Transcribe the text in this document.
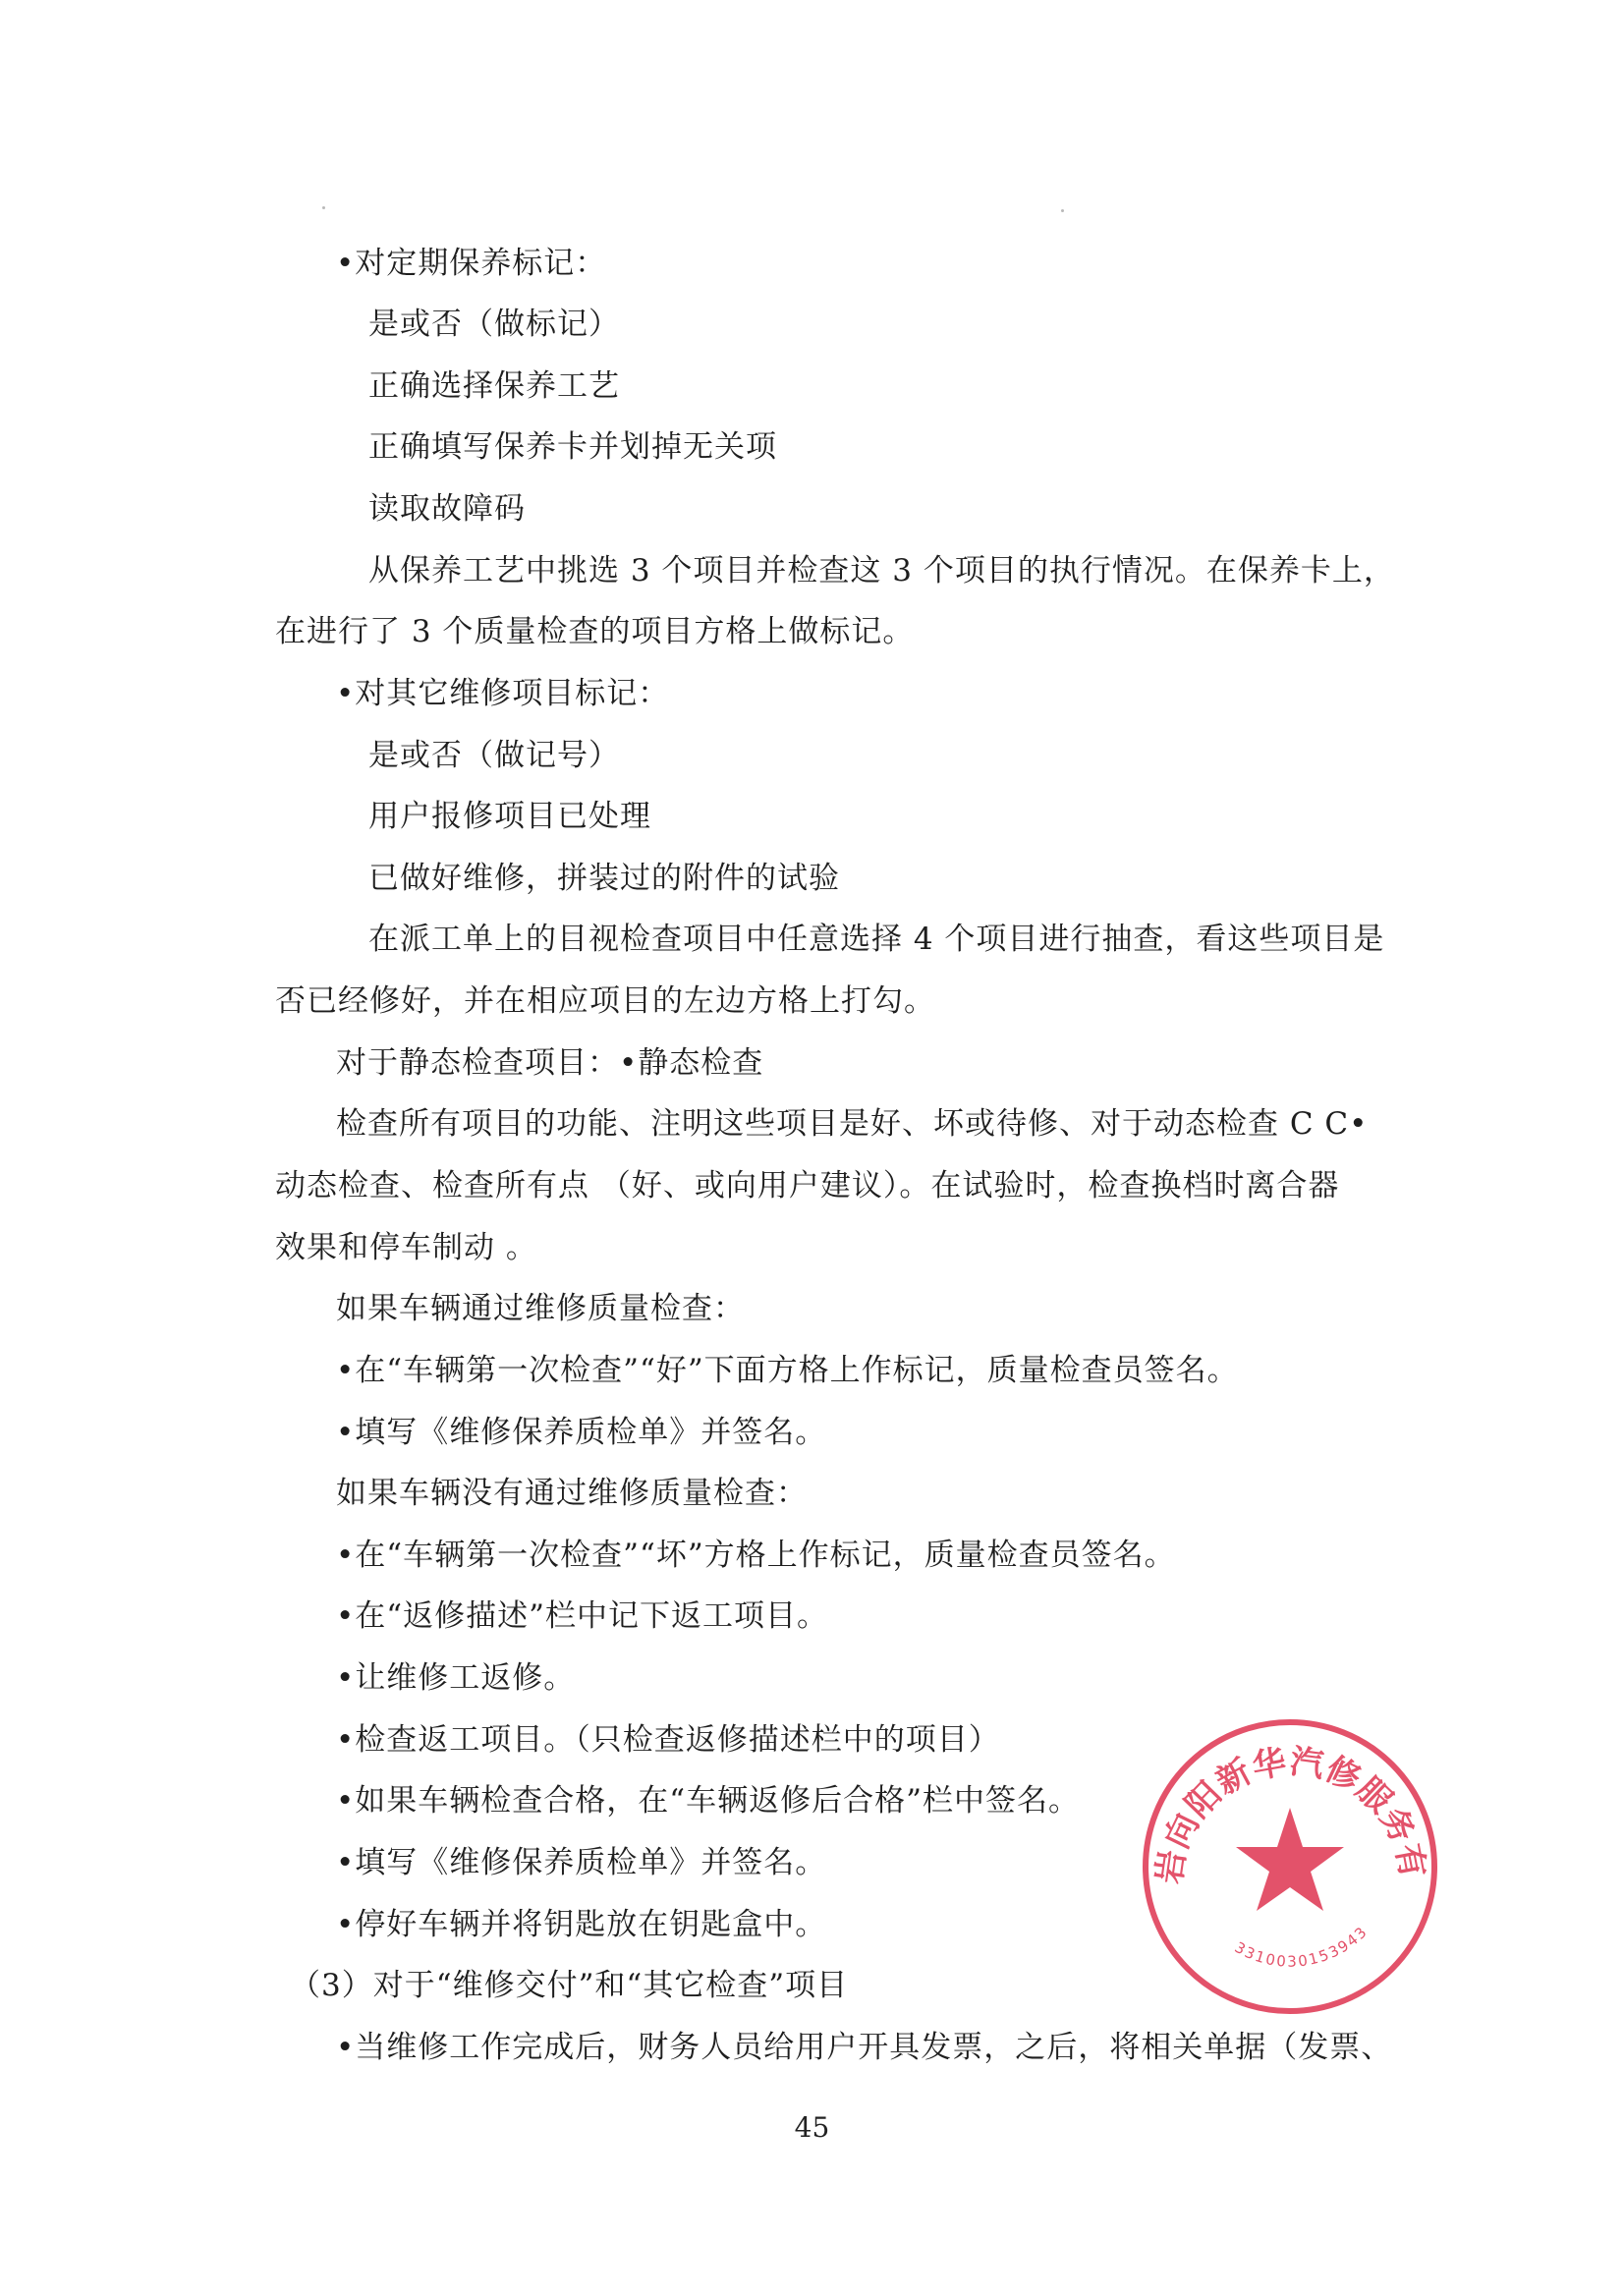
•对定期保养标记：
是或否（做标记）
正确选择保养工艺
正确填写保养卡并划掉无关项
读取故障码
从保养工艺中挑选 3 个项目并检查这 3 个项目的执行情况。在保养卡上，
在进行了 3 个质量检查的项目方格上做标记。
•对其它维修项目标记：
是或否（做记号）
用户报修项目已处理
已做好维修，拼装过的附件的试验
在派工单上的目视检查项目中任意选择 4 个项目进行抽查，看这些项目是
否已经修好，并在相应项目的左边方格上打勾。
对于静态检查项目：•静态检查
检查所有项目的功能、注明这些项目是好、坏或待修、对于动态检查 C C•
动态检查、检查所有点 （好、或向用户建议）。在试验时，检查换档时离合器
效果和停车制动 。
如果车辆通过维修质量检查：
•在“车辆第一次检查”“好”下面方格上作标记，质量检查员签名。
•填写《维修保养质检单》并签名。
如果车辆没有通过维修质量检查：
•在“车辆第一次检查”“坏”方格上作标记，质量检查员签名。
•在“返修描述”栏中记下返工项目。
•让维修工返修。
•检查返工项目。（只检查返修描述栏中的项目）
•如果车辆检查合格，在“车辆返修后合格”栏中签名。
•填写《维修保养质检单》并签名。
•停好车辆并将钥匙放在钥匙盒中。
（3）对于“维修交付”和“其它检查”项目
•当维修工作完成后，财务人员给用户开具发票，之后，将相关单据（发票、
45
岩向阳新华汽修服务有
3310030153943
